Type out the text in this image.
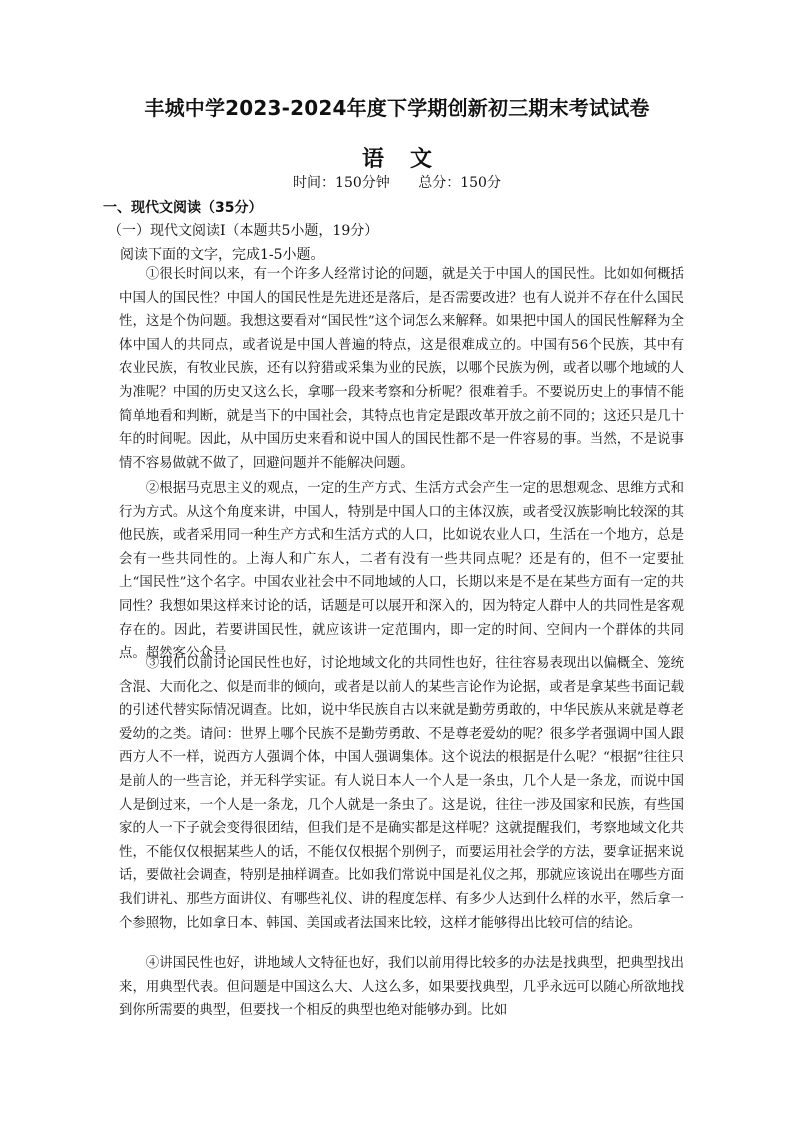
丰城中学2023-2024年度下学期创新初三期末考试试卷
语文
时间：150分钟 总分：150分
一、现代文阅读（35分）
（一）现代文阅读Ⅰ（本题共5小题，19分）
阅读下面的文字，完成1-5小题。

①很长时间以来，有一个许多人经常讨论的问题，就是关于中国人的国民性。比如如何概括中国人的国民性？中国人的国民性是先进还是落后，是否需要改进？也有人说并不存在什么国民性，这是个伪问题。我想这要看对“国民性”这个词怎么来解释。如果把中国人的国民性解释为全体中国人的共同点，或者说是中国人普遍的特点，这是很难成立的。中国有56个民族，其中有农业民族，有牧业民族，还有以狩猎或采集为业的民族，以哪个民族为例，或者以哪个地域的人为准呢？中国的历史又这么长，拿哪一段来考察和分析呢？很难着手。不要说历史上的事情不能简单地看和判断，就是当下的中国社会，其特点也肯定是跟改革开放之前不同的；这还只是几十年的时间呢。因此，从中国历史来看和说中国人的国民性都不是一件容易的事。当然，不是说事情不容易做就不做了，回避问题并不能解决问题。

②根据马克思主义的观点，一定的生产方式、生活方式会产生一定的思想观念、思维方式和行为方式。从这个角度来讲，中国人，特别是中国人口的主体汉族，或者受汉族影响比较深的其他民族，或者采用同一种生产方式和生活方式的人口，比如说农业人口，生活在一个地方，总是会有一些共同性的。上海人和广东人，二者有没有一些共同点呢？还是有的，但不一定要扯上“国民性”这个名字。中国农业社会中不同地域的人口，长期以来是不是在某些方面有一定的共同性？我想如果这样来讨论的话，话题是可以展开和深入的，因为特定人群中人的共同性是客观存在的。因此，若要讲国民性，就应该讲一定范围内，即一定的时间、空间内一个群体的共同点。超然客公众号

③我们以前讨论国民性也好，讨论地域文化的共同性也好，往往容易表现出以偏概全、笼统含混、大而化之、似是而非的倾向，或者是以前人的某些言论作为论据，或者是拿某些书面记载的引述代替实际情况调查。比如，说中华民族自古以来就是勤劳勇敢的，中华民族从来就是尊老爱幼的之类。请问：世界上哪个民族不是勤劳勇敢、不是尊老爱幼的呢？很多学者强调中国人跟西方人不一样，说西方人强调个体，中国人强调集体。这个说法的根据是什么呢？“根据”往往只是前人的一些言论，并无科学实证。有人说日本人一个人是一条虫，几个人是一条龙，而说中国人是倒过来，一个人是一条龙，几个人就是一条虫了。这是说，往往一涉及国家和民族，有些国家的人一下子就会变得很团结，但我们是不是确实都是这样呢？这就提醒我们，考察地域文化共性，不能仅仅根据某些人的话，不能仅仅根据个别例子，而要运用社会学的方法，要拿证据来说话，要做社会调查，特别是抽样调查。比如我们常说中国是礼仪之邦，那就应该说出在哪些方面我们讲礼、那些方面讲仪、有哪些礼仪、讲的程度怎样、有多少人达到什么样的水平，然后拿一个参照物，比如拿日本、韩国、美国或者法国来比较，这样才能够得出比较可信的结论。

④讲国民性也好，讲地域人文特征也好，我们以前用得比较多的办法是找典型，把典型找出来，用典型代表。但问题是中国这么大、人这么多，如果要找典型，几乎永远可以随心所欲地找到你所需要的典型，但要找一个相反的典型也绝对能够办到。比如
